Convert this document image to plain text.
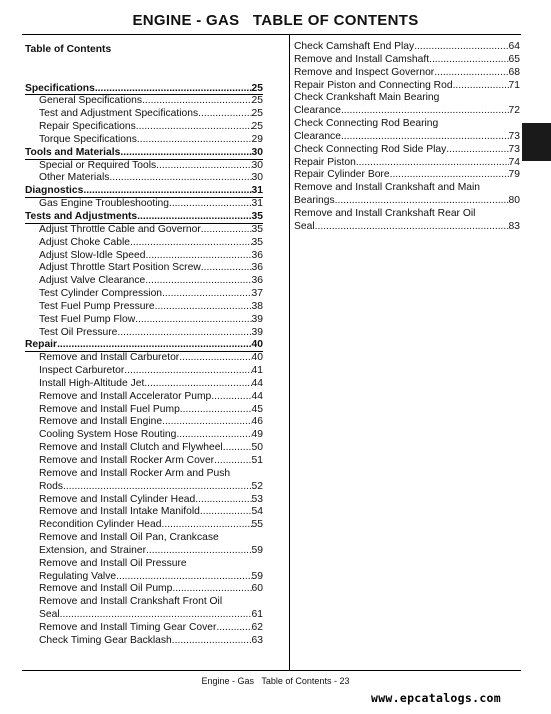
ENGINE - GAS   TABLE OF CONTENTS
Table of Contents
Specifications .....	25
General Specifications .....	25
Test and Adjustment Specifications .....	25
Repair Specifications .....	25
Torque Specifications .....	29
Tools and Materials .....	30
Special or Required Tools .....	30
Other Materials .....	30
Diagnostics .....	31
Gas Engine Troubleshooting .....	31
Tests and Adjustments .....	35
Adjust Throttle Cable and Governor .....	35
Adjust Choke Cable .....	35
Adjust Slow-Idle Speed .....	36
Adjust Throttle Start Position Screw .....	36
Adjust Valve Clearance .....	36
Test Cylinder Compression .....	37
Test Fuel Pump Pressure .....	38
Test Fuel Pump Flow .....	39
Test Oil Pressure .....	39
Repair .....	40
Remove and Install Carburetor .....	40
Inspect Carburetor .....	41
Install High-Altitude Jet .....	44
Remove and Install Accelerator Pump .....	44
Remove and Install Fuel Pump .....	45
Remove and Install Engine .....	46
Cooling System Hose Routing .....	49
Remove and Install Clutch and Flywheel .....	50
Remove and Install Rocker Arm Cover .....	51
Remove and Install Rocker Arm and Push
Rods .....	52
Remove and Install Cylinder Head .....	53
Remove and Install Intake Manifold .....	54
Recondition Cylinder Head .....	55
Remove and Install Oil Pan, Crankcase
Extension, and Strainer .....	59
Remove and Install Oil Pressure
Regulating Valve .....	59
Remove and Install Oil Pump .....	60
Remove and Install Crankshaft Front Oil
Seal .....	61
Remove and Install Timing Gear Cover .....	62
Check Timing Gear Backlash .....	63
Check Camshaft End Play .....	64
Remove and Install Camshaft .....	65
Remove and Inspect Governor .....	68
Repair Piston and Connecting Rod .....	71
Check Crankshaft Main Bearing
Clearance .....	72
Check Connecting Rod Bearing
Clearance .....	73
Check Connecting Rod Side Play .....	73
Repair Piston .....	74
Repair Cylinder Bore .....	79
Remove and Install Crankshaft and Main
Bearings .....	80
Remove and Install Crankshaft Rear Oil
Seal .....	83
Engine - Gas   Table of Contents - 23
www.epcatalogs.com
